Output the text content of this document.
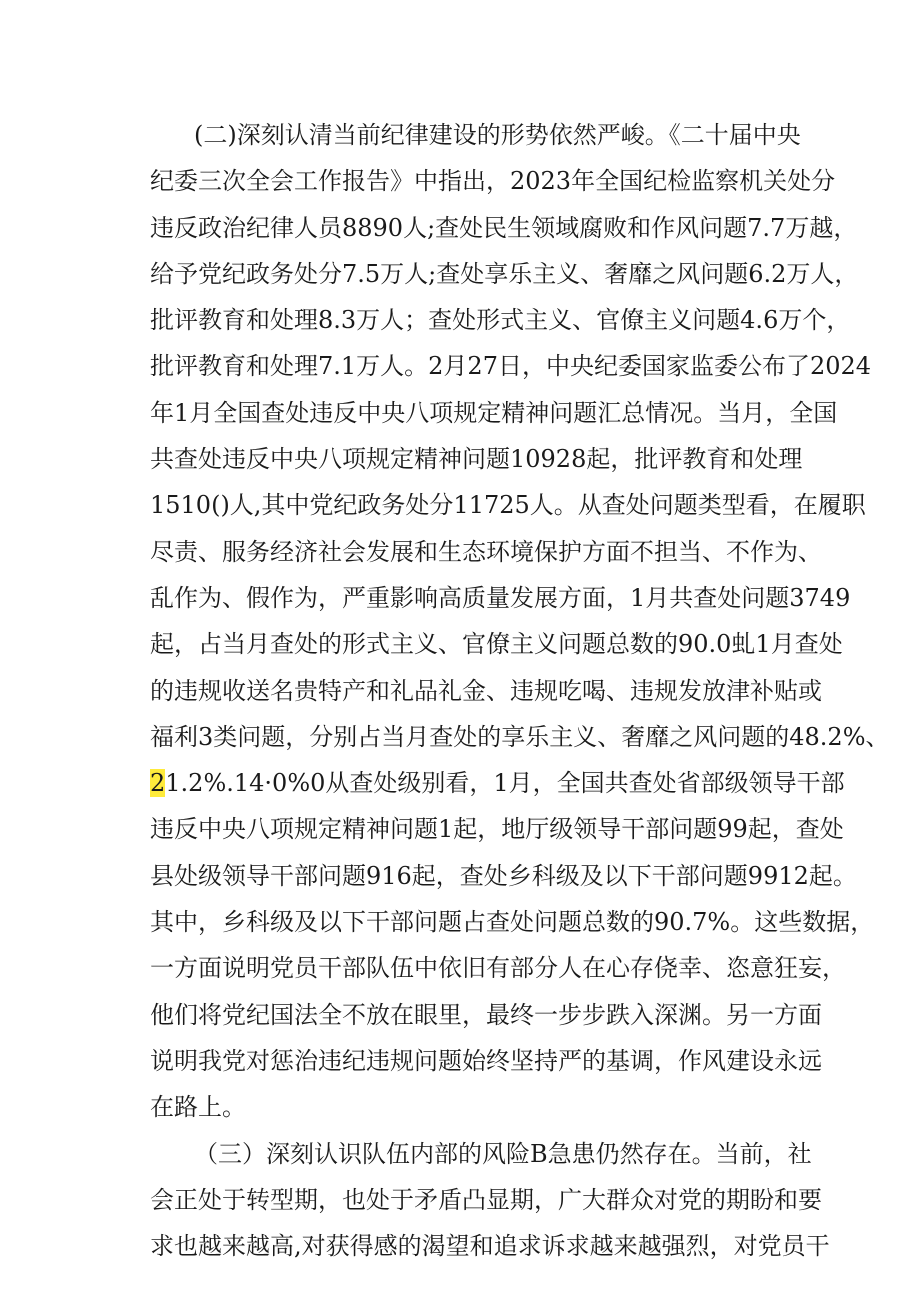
(二)深刻认清当前纪律建设的形势依然严峻。《二十届中央
纪委三次全会工作报告》中指出，2023年全国纪检监察机关处分
违反政治纪律人员8890人;查处民生领域腐败和作风问题7.7万越，
给予党纪政务处分7.5万人;查处享乐主义、奢靡之风问题6.2万人，
批评教育和处理8.3万人；查处形式主义、官僚主义问题4.6万个，
批评教育和处理7.1万人。2月27日，中央纪委国家监委公布了2024
年1月全国查处违反中央八项规定精神问题汇总情况。当月，全国
共查处违反中央八项规定精神问题10928起，批评教育和处理
1510()人,其中党纪政务处分11725人。从查处问题类型看，在履职
尽责、服务经济社会发展和生态环境保护方面不担当、不作为、
乱作为、假作为，严重影响高质量发展方面，1月共查处问题3749
起，占当月查处的形式主义、官僚主义问题总数的90.0虬1月查处
的违规收送名贵特产和礼品礼金、违规吃喝、违规发放津补贴或
福利3类问题，分别占当月查处的享乐主义、奢靡之风问题的48.2%、
21.2%.14·0%0从查处级别看，1月，全国共查处省部级领导干部
违反中央八项规定精神问题1起，地厅级领导干部问题99起，查处
县处级领导干部问题916起，查处乡科级及以下干部问题9912起。
其中，乡科级及以下干部问题占查处问题总数的90.7%。这些数据，
一方面说明党员干部队伍中依旧有部分人在心存侥幸、恣意狂妄，
他们将党纪国法全不放在眼里，最终一步步跌入深渊。另一方面
说明我党对惩治违纪违规问题始终坚持严的基调，作风建设永远
在路上。
（三）深刻认识队伍内部的风险B急患仍然存在。当前，社
会正处于转型期，也处于矛盾凸显期，广大群众对党的期盼和要
求也越来越高,对获得感的渴望和追求诉求越来越强烈，对党员干
